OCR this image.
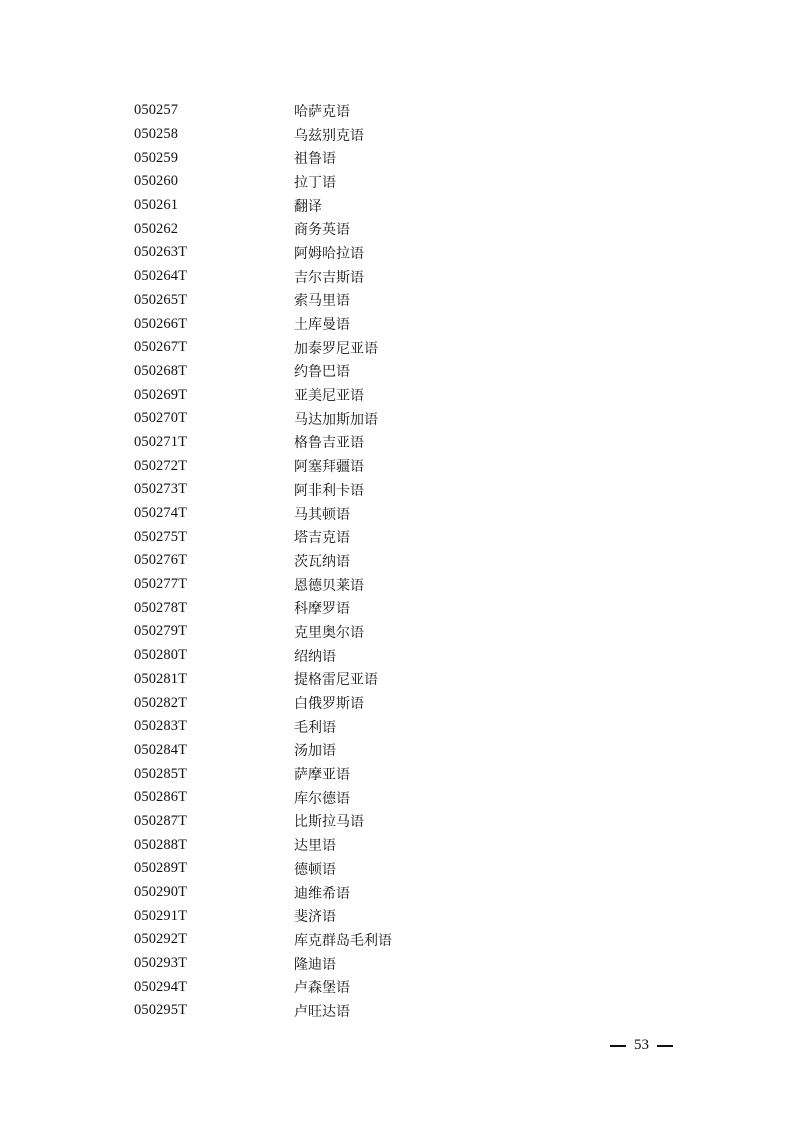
050257	哈萨克语
050258	乌兹别克语
050259	祖鲁语
050260	拉丁语
050261	翻译
050262	商务英语
050263T	阿姆哈拉语
050264T	吉尔吉斯语
050265T	索马里语
050266T	土库曼语
050267T	加泰罗尼亚语
050268T	约鲁巴语
050269T	亚美尼亚语
050270T	马达加斯加语
050271T	格鲁吉亚语
050272T	阿塞拜疆语
050273T	阿非利卡语
050274T	马其顿语
050275T	塔吉克语
050276T	茨瓦纳语
050277T	恩德贝莱语
050278T	科摩罗语
050279T	克里奥尔语
050280T	绍纳语
050281T	提格雷尼亚语
050282T	白俄罗斯语
050283T	毛利语
050284T	汤加语
050285T	萨摩亚语
050286T	库尔德语
050287T	比斯拉马语
050288T	达里语
050289T	德顿语
050290T	迪维希语
050291T	斐济语
050292T	库克群岛毛利语
050293T	隆迪语
050294T	卢森堡语
050295T	卢旺达语
53
